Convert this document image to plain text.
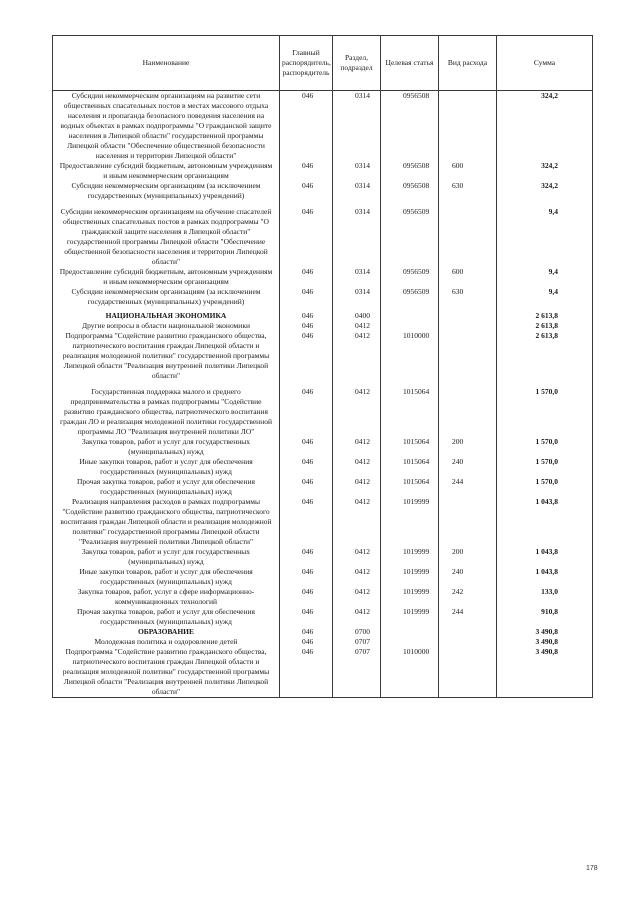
Наименование	Главный распорядитель, распорядитель	Раздел, подраздел	Целевая статья	Вид расхода	Сумма
Субсидии некоммерческим организациям на развитие сети общественных спасательных постов в местах массового отдыха населения и пропаганда безопасного поведения населения на водных объектах в рамках подпрограммы "О гражданской защите населения в Липецкой области" государственной программы Липецкой области "Обеспечение общественной безопасности населения и территории Липецкой области"	046	0314	0956508		324,2
Предоставление субсидий бюджетным, автономным учреждениям и иным некоммерческим организациям	046	0314	0956508	600	324,2
Субсидии некоммерческим организациям (за исключением государственных (муниципальных) учреждений)	046	0314	0956508	630	324,2
Субсидии некоммерческим организациям на обучение спасателей общественных спасательных постов в рамках подпрограммы "О гражданской защите населения в Липецкой области" государственной программы Липецкой области "Обеспечение общественной безопасности населения и территории Липецкой области"	046	0314	0956509		9,4
Предоставление субсидий бюджетным, автономным учреждениям и иным некоммерческим организациям	046	0314	0956509	600	9,4
Субсидии некоммерческим организациям (за исключением государственных (муниципальных) учреждений)	046	0314	0956509	630	9,4
НАЦИОНАЛЬНАЯ ЭКОНОМИКА	046	0400			2 613,8
Другие вопросы в области национальной экономики	046	0412			2 613,8
Подпрограмма "Содействие развитию гражданского общества, патриотического воспитания граждан Липецкой области и реализация молодежной политики" государственной программы Липецкой области "Реализация внутренней политики Липецкой области"	046	0412	1010000		2 613,8
Государственная поддержка малого и среднего предпринимательства в рамках подпрограммы "Содействие развитию гражданского общества, патриотического воспитания граждан ЛО и реализация молодежной политики государственной программы ЛО "Реализация внутренней политики ЛО"	046	0412	1015064		1 570,0
Закупка товаров, работ и услуг для государственных (муниципальных) нужд	046	0412	1015064	200	1 570,0
Иные закупки товаров, работ и услуг для обеспечения государственных (муниципальных) нужд	046	0412	1015064	240	1 570,0
Прочая закупка товаров, работ и услуг для обеспечения государственных (муниципальных) нужд	046	0412	1015064	244	1 570,0
Реализация направления расходов в рамках подпрограммы "Содействие развитию гражданского общества, патриотического воспитания граждан Липецкой области и реализация молодежной политики" государственной программы Липецкой области "Реализация внутренней политики Липецкой области"	046	0412	1019999		1 043,8
Закупка товаров, работ и услуг для государственных (муниципальных) нужд	046	0412	1019999	200	1 043,8
Иные закупки товаров, работ и услуг для обеспечения государственных (муниципальных) нужд	046	0412	1019999	240	1 043,8
Закупка товаров, работ, услуг в сфере информационно-коммуникационных технологий	046	0412	1019999	242	133,0
Прочая закупка товаров, работ и услуг для обеспечения государственных (муниципальных) нужд	046	0412	1019999	244	910,8
ОБРАЗОВАНИЕ	046	0700			3 490,8
Молодежная политика и оздоровление детей	046	0707			3 490,8
Подпрограмма "Содействие развитию гражданского общества, патриотического воспитания граждан Липецкой области и реализация молодежной политики" государственной программы Липецкой области "Реализация внутренней политики Липецкой области"	046	0707	1010000		3 490,8
178
